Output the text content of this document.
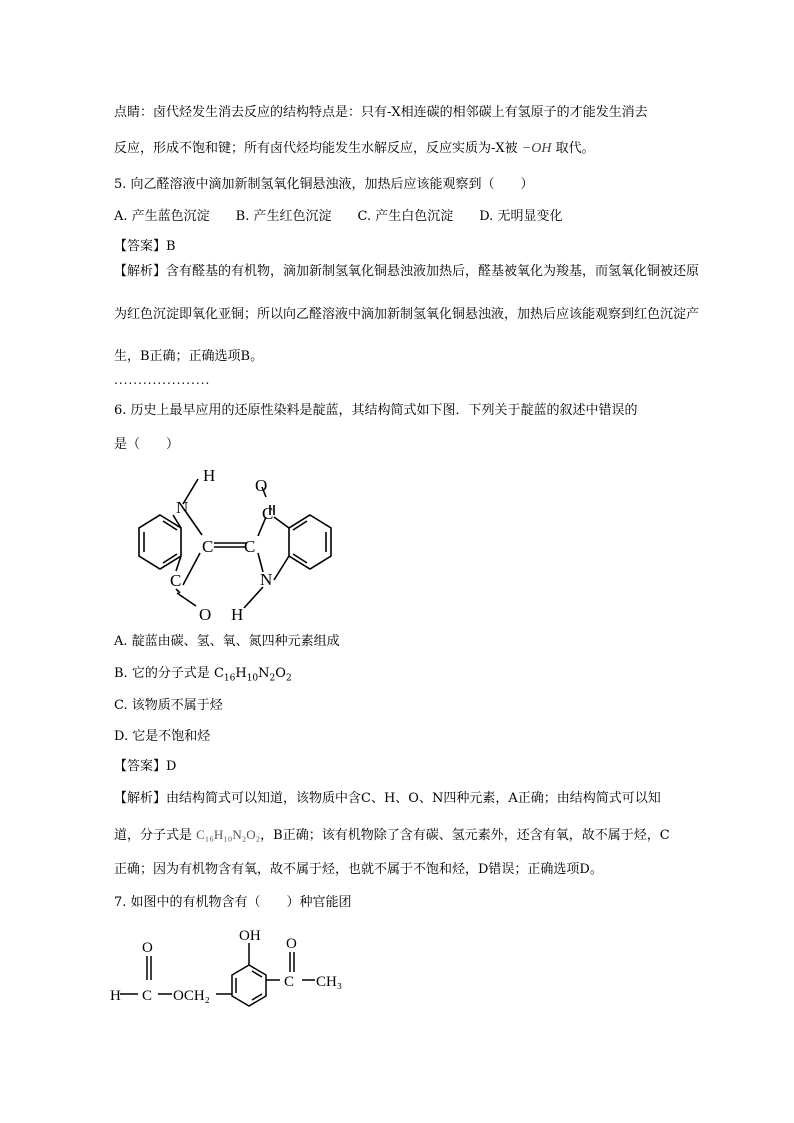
点睛：卤代烃发生消去反应的结构特点是：只有-X相连碳的相邻碳上有氢原子的才能发生消去
反应，形成不饱和键；所有卤代烃均能发生水解反应，反应实质为-X被 −OH 取代。
5. 向乙醛溶液中滴加新制氢氧化铜悬浊液，加热后应该能观察到（　　）
A. 产生蓝色沉淀　　B. 产生红色沉淀　　C. 产生白色沉淀　　D. 无明显变化
【答案】B
【解析】含有醛基的有机物，滴加新制氢氧化铜悬浊液加热后，醛基被氧化为羧基，而氢氧化铜被还原
为红色沉淀即氧化亚铜；所以向乙醛溶液中滴加新制氢氧化铜悬浊液，加热后应该能观察到红色沉淀产
生，B正确；正确选项B。
....................
6. 历史上最早应用的还原性染料是靛蓝，其结构简式如下图．下列关于靛蓝的叙述中错误的
是（　　）
H
N
O
C
C C
C	N
O H
A. 靛蓝由碳、氢、氧、氮四种元素组成
B. 它的分子式是 $C_{16}H_{10}N_2O_2$
C. 该物质不属于烃
D. 它是不饱和烃
【答案】D
【解析】由结构简式可以知道，该物质中含C、H、O、N四种元素，A正确；由结构简式可以知
道，分子式是 C₁₆H₁₀N₂O₂，B正确；该有机物除了含有碳、氢元素外，还含有氧，故不属于烃，C
正确；因为有机物含有氧，故不属于烃，也就不属于不饱和烃，D错误；正确选项D。
7. 如图中的有机物含有（　　）种官能团
OH
O	O
H C OCH₂
C CH₃
